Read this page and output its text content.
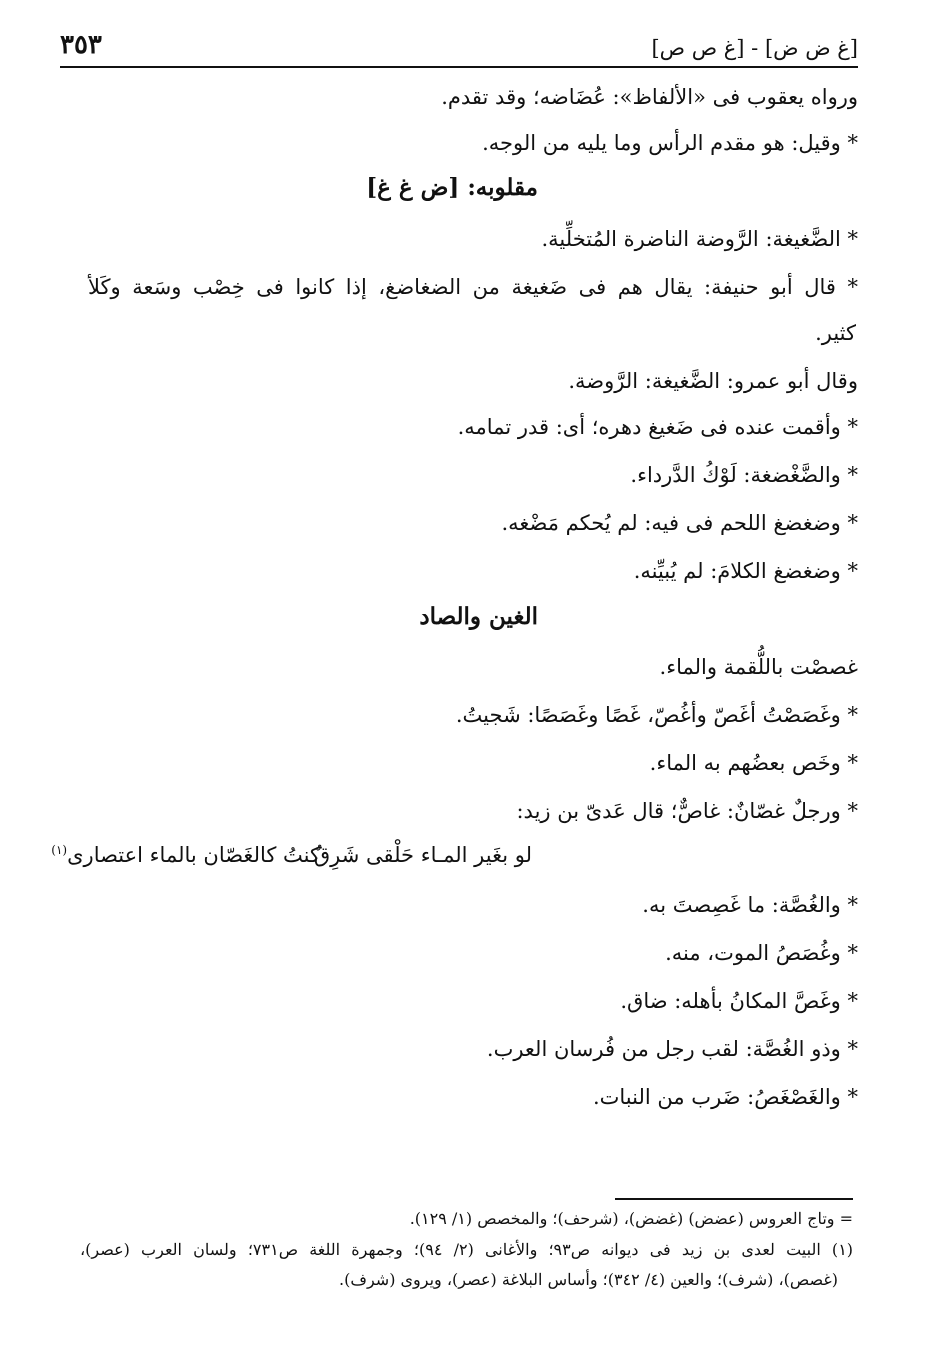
[غ ض ض] - [غ ص ص]
٣٥٣
ورواه يعقوب فى «الألفاظ»: عُضَاضه؛ وقد تقدم.
* وقيل: هو مقدم الرأس وما يليه من الوجه.
مقلوبه: [ض غ غ]
* الضَّغيغة: الرَّوضة الناضرة المُتخلِّية.
* قال أبو حنيفة: يقال هم فى ضَغيغة من الضغاضغ، إذا كانوا فى خِصْب وسَعة وكَلأ
كثير.
وقال أبو عمرو: الضَّغيغة: الرَّوضة.
* وأقمت عنده فى ضَغيغ دهره؛ أى: قدر تمامه.
* والضَّغْضغة: لَوْكُ الدَّرداء.
* وضغضغ اللحم فى فيه: لم يُحكم مَضْغه.
* وضغضغ الكلامَ: لم يُبيِّنه.
الغين والصاد
غصصْت باللُّقمة والماء.
* وغَصَصْتُ أغَصّ وأغُصّ، غَصًا وغَصَصًا: شَجيتُ.
* وخَص بعضُهم به الماء.
* ورجلٌ غصّانٌ: غاصٌّ؛ قال عَدىّ بن زيد:
لو بغَير المـاء حَلْقى شَرِقٌ
كنتُ كالغَصّان بالماء اعتصارى$^{(١)}$
* والغُصَّة: ما غَصِصتَ به.
* وغُصَصُ الموت، منه.
* وغَصَّ المكانُ بأهله: ضاق.
* وذو الغُصَّة: لقب رجل من فُرسان العرب.
* والغَصْغَصُ: ضَرب من النبات.
= وتاج العروس (عضض) (غضض)، (شرحف)؛ والمخصص (١/ ١٢٩).
(١) البيت لعدى بن زيد فى ديوانه ص٩٣؛ والأغانى (٢/ ٩٤)؛ وجمهرة اللغة ص٧٣١؛ ولسان العرب (عصر)،
(غصص)، (شرف)؛ والعين (٤/ ٣٤٢)؛ وأساس البلاغة (عصر)، ويروى (شرف).
